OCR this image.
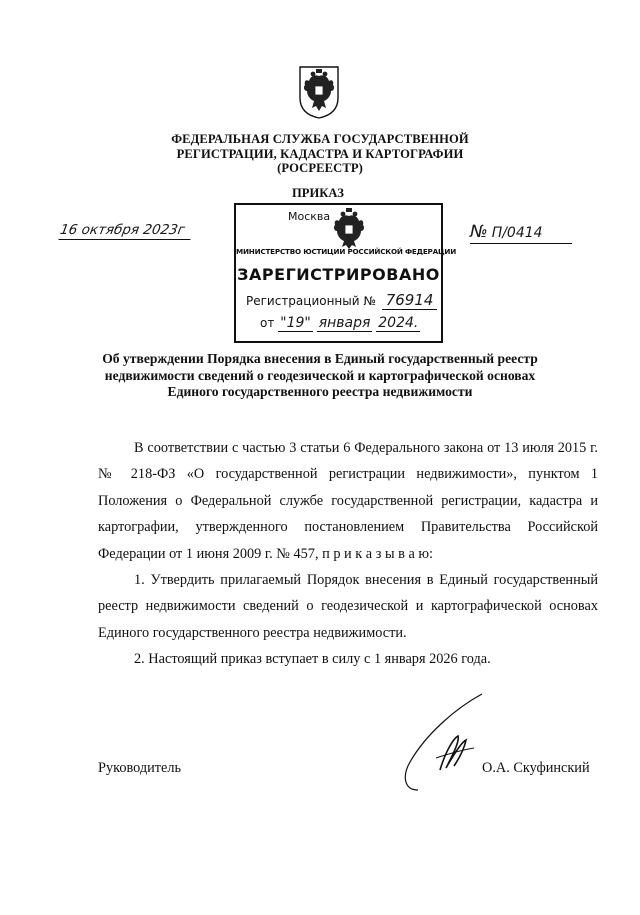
ФЕДЕРАЛЬНАЯ СЛУЖБА ГОСУДАРСТВЕННОЙ
РЕГИСТРАЦИИ, КАДАСТРА И КАРТОГРАФИИ
(РОСРЕЕСТР)
ПРИКАЗ
16 октября 2023г	№ П/0414
Москва
МИНИСТЕРСТВО ЮСТИЦИИ РОССИЙСКОЙ ФЕДЕРАЦИИ
ЗАРЕГИСТРИРОВАНО
Регистрационный № 76914
от "19" января 2024.
Об утверждении Порядка внесения в Единый государственный реестр
недвижимости сведений о геодезической и картографической основах
Единого государственного реестра недвижимости

В соответствии с частью 3 статьи 6 Федерального закона от 13 июля 2015 г. № 218-ФЗ «О государственной регистрации недвижимости», пунктом 1 Положения о Федеральной службе государственной регистрации, кадастра и картографии, утвержденного постановлением Правительства Российской Федерации от 1 июня 2009 г. № 457, п р и к а з ы в а ю:

1. Утвердить прилагаемый Порядок внесения в Единый государственный реестр недвижимости сведений о геодезической и картографической основах Единого государственного реестра недвижимости.

2. Настоящий приказ вступает в силу с 1 января 2026 года.

Руководитель	О.А. Скуфинский
